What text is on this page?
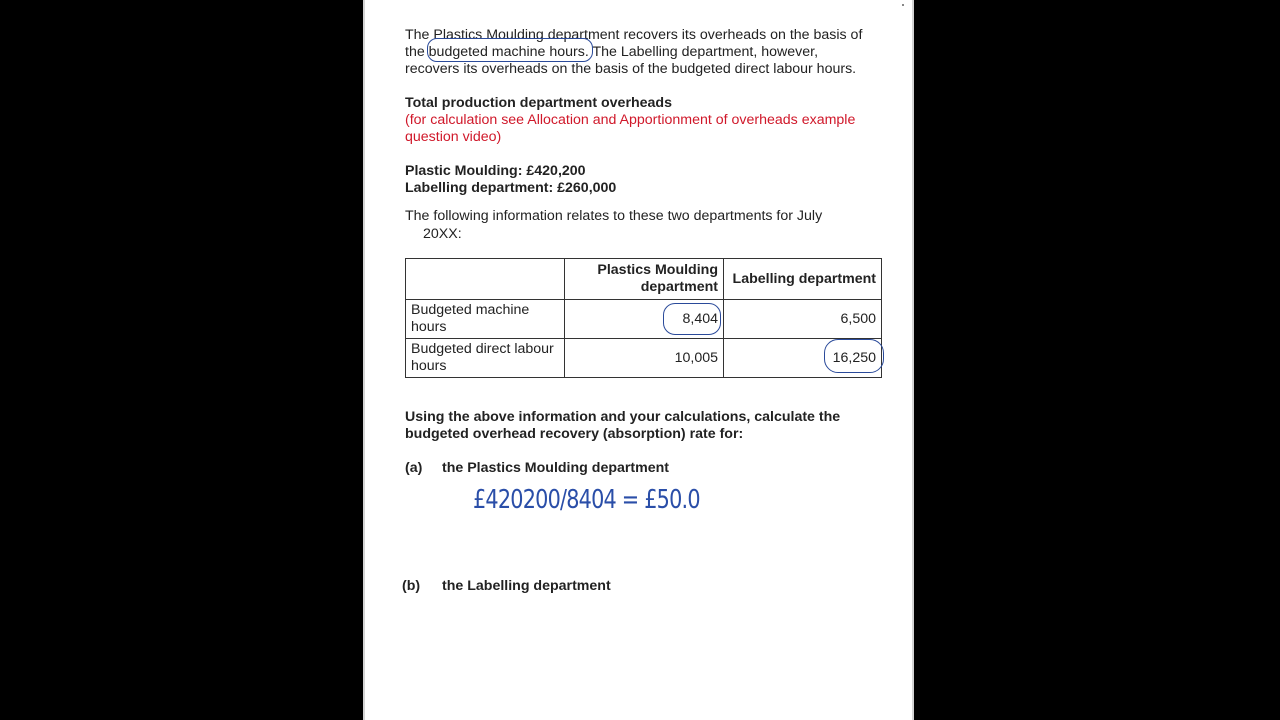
The Plastics Moulding department recovers its overheads on the basis of
the budgeted machine hours. The Labelling department, however,
recovers its overheads on the basis of the budgeted direct labour hours.
Total production department overheads
(for calculation see Allocation and Apportionment of overheads example
question video)
Plastic Moulding: £420,200
Labelling department: £260,000
The following information relates to these two departments for July
20XX:
	Plastics Moulding department	Labelling department
Budgeted machine hours	8,404	6,500
Budgeted direct labour hours	10,005	16,250
Using the above information and your calculations, calculate the
budgeted overhead recovery (absorption) rate for:
(a) the Plastics Moulding department
£420200/8404 = £50.0
(b) the Labelling department
